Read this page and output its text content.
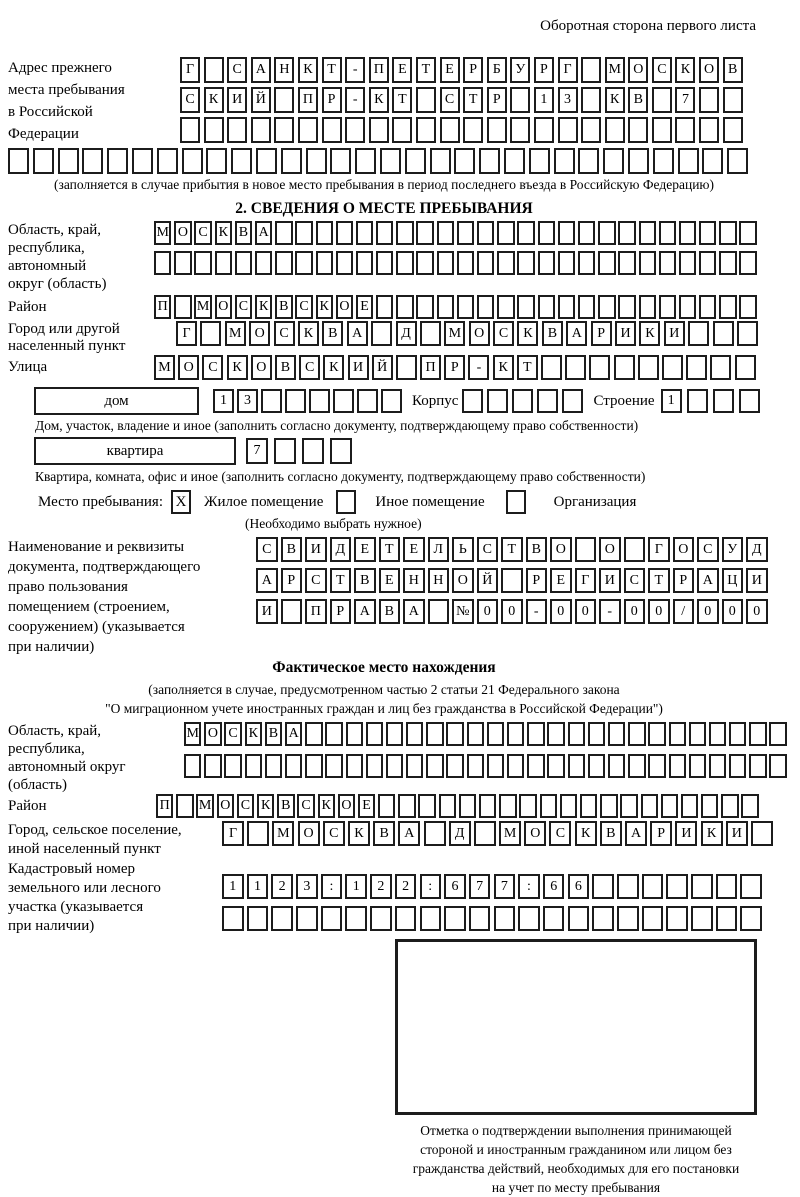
Оборотная сторона первого листа
Адрес прежнего
места пребывания
в Российской
Федерации
Г	С А Н К	Т	-	П	Е	Т	Е	Р	Б	У	Р	Г	М О С	К О В
С	К И Й	П	Р	-	К	Т	С	Т	Р	1	3	К	В	7
(заполняется в случае прибытия в новое место пребывания в период последнего въезда в Российскую Федерацию)
2. СВЕДЕНИЯ О МЕСТЕ ПРЕБЫВАНИЯ
Область, край,
республика,
автономный
округ (область)
М О С К В А
Район	П М О С К В С К О Е
Город или другой
населенный пункт
Г	М О	С	К	В	А	Д	М О	С	К	В	А	Р	И	К	И
Улица	М О	С	К	О	В	С	К	И	Й	П	Р	-	К	Т
дом	1	3	Корпус	Строение 1
Дом, участок, владение и иное (заполнить согласно документу, подтверждающему право собственности)
квартира	7
Квартира, комната, офис и иное (заполнить согласно документу, подтверждающему право собственности)
Место пребывания: X	Жилое помещение	Иное помещение	Организация
(Необходимо выбрать нужное)
Наименование и реквизиты
документа, подтверждающего
право пользования
помещением (строением,
сооружением) (указывается
при наличии)
С	В	И	Д	Е	Т	Е	Л	Ь	С	Т	В	О	О	Г	О	С	У	Д
А	Р	С	Т	В	Е	Н	Н	О	Й	Р	Е	Г	И	С	Т	Р	А	Ц	И
И	П	Р	А	В	А	№	0	0	-	0	0	-	0	0	/	0	0	0
Фактическое место нахождения
(заполняется в случае, предусмотренном частью 2 статьи 21 Федерального закона
"О миграционном учете иностранных граждан и лиц без гражданства в Российской Федерации")
Область, край,
республика,
автономный округ
(область)
М О С К В А
Район	П М О С К В С К О Е
Город, сельское поселение,
иной населенный пункт
Г	М О	С	К	В	А	Д	М О	С	К	В	А	Р	И	К	И
Кадастровый номер
земельного или лесного
участка (указывается
при наличии)
1	1	2	3	:	1	2	2	:	6	7	7	:	6	6
Отметка о подтверждении выполнения принимающей
стороной и иностранным гражданином или лицом без
гражданства действий, необходимых для его постановки
на учет по месту пребывания
